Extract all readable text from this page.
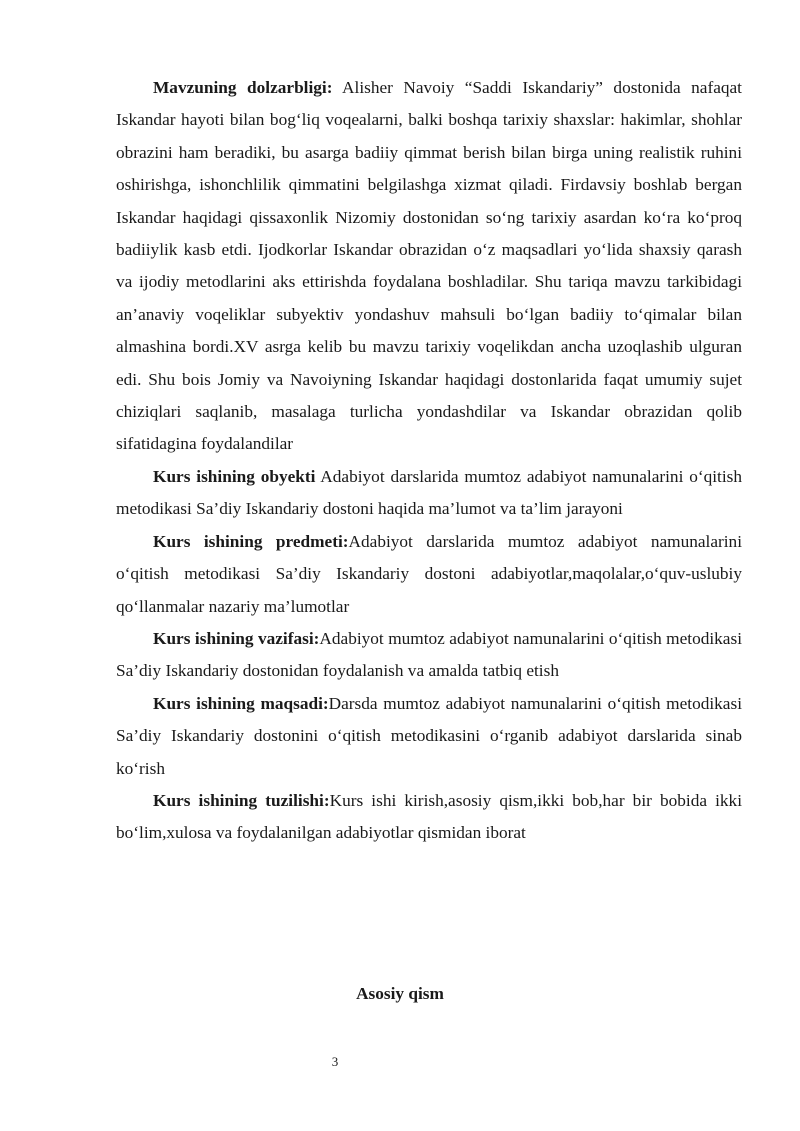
Mavzuning dolzarbligi: Alisher Navoiy “Saddi Iskandariy” dostonida nafaqat Iskandar hayoti bilan bog‘liq voqealarni, balki boshqa tarixiy shaxslar: hakimlar, shohlar obrazini ham beradiki, bu asarga badiiy qimmat berish bilan birga uning realistik ruhini oshirishga, ishonchlilik qimmatini belgilashga xizmat qiladi. Firdavsiy boshlab bergan Iskandar haqidagi qissaxonlik Nizomiy dostonidan so‘ng tarixiy asardan ko‘ra ko‘proq badiiylik kasb etdi. Ijodkorlar Iskandar obrazidan o‘z maqsadlari yo‘lida shaxsiy qarash va ijodiy metodlarini aks ettirishda foydalana boshladilar. Shu tariqa mavzu tarkibidagi an’anaviy voqeliklar subyektiv yondashuv mahsuli bo‘lgan badiiy to‘qimalar bilan almashina bordi.XV asrga kelib bu mavzu tarixiy voqelikdan ancha uzoqlashib ulguran edi. Shu bois Jomiy va Navoiyning Iskandar haqidagi dostonlarida faqat umumiy sujet chiziqlari saqlanib, masalaga turlicha yondashdilar va Iskandar obrazidan qolib sifatidagina foydalandilar

Kurs ishining obyekti Adabiyot darslarida mumtoz adabiyot namunalarini o‘qitish metodikasi Sa’diy Iskandariy dostoni haqida ma’lumot va ta’lim jarayoni

Kurs ishining predmeti:Adabiyot darslarida mumtoz adabiyot namunalarini o‘qitish metodikasi Sa’diy Iskandariy dostoni adabiyotlar,maqolalar,o‘quv-uslubiy qo‘llanmalar nazariy ma’lumotlar

Kurs ishining vazifasi:Adabiyot mumtoz adabiyot namunalarini o‘qitish metodikasi Sa’diy Iskandariy dostonidan foydalanish va amalda tatbiq etish

Kurs ishining maqsadi:Darsda mumtoz adabiyot namunalarini o‘qitish metodikasi Sa’diy Iskandariy dostonini o‘qitish metodikasini o‘rganib adabiyot darslarida sinab ko‘rish

Kurs ishining tuzilishi:Kurs ishi kirish,asosiy qism,ikki bob,har bir bobida ikki bo‘lim,xulosa va foydalanilgan adabiyotlar qismidan iborat

Asosiy qism

3
